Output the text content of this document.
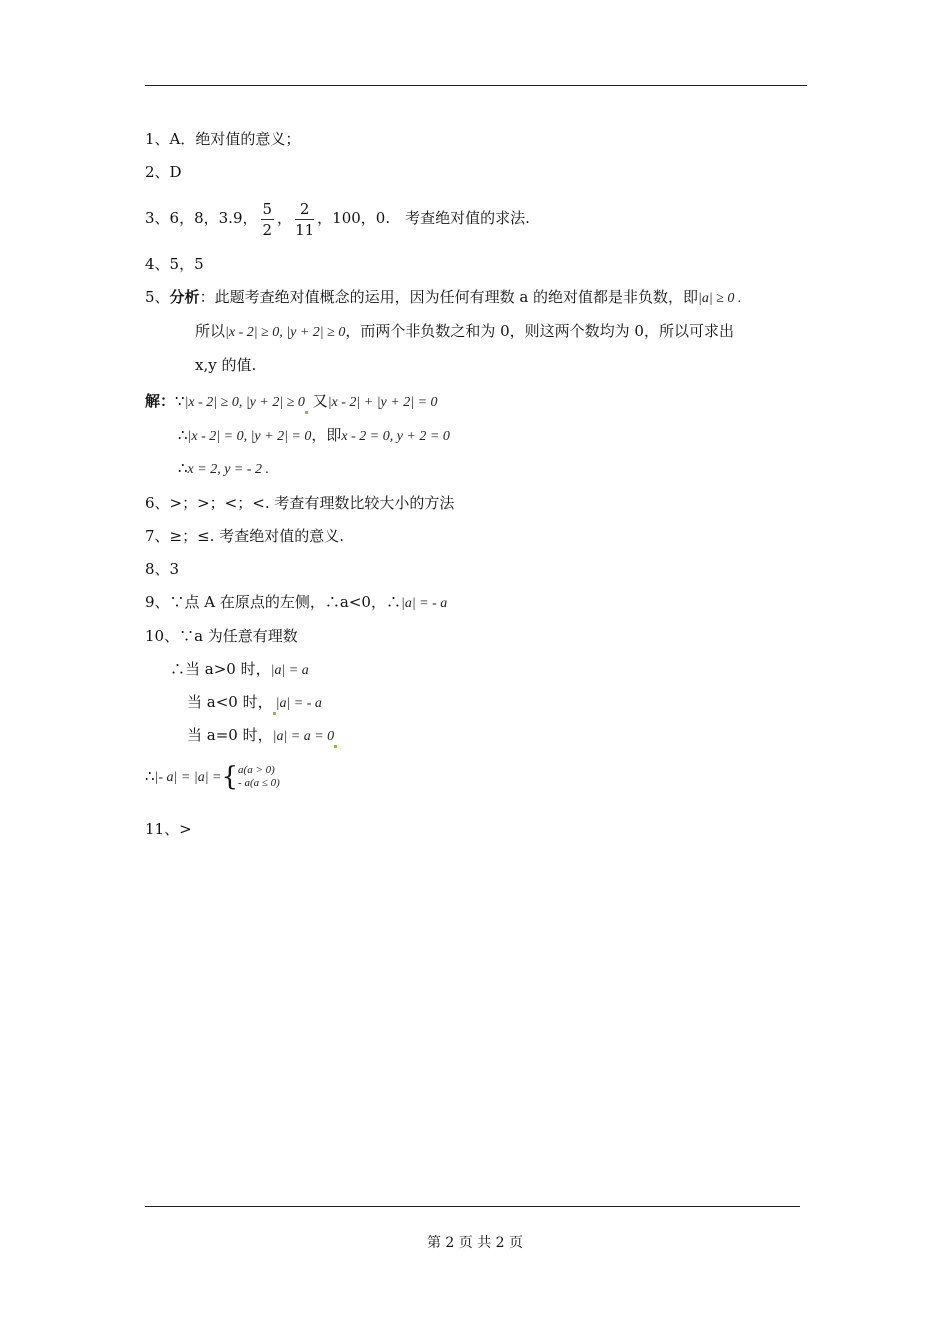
1、A．绝对值的意义；
2、D
3、6，8，3.9， $\frac{5}{2}$ ， $\frac{2}{11}$ ，100，0.　考查绝对值的求法.
4、5，5
5、分析：此题考查绝对值概念的运用，因为任何有理数 a 的绝对值都是非负数，即|a| ≥ 0 .
所以|x - 2| ≥ 0, |y + 2| ≥ 0，而两个非负数之和为 0，则这两个数均为 0，所以可求出
x,y 的值.
解：∵|x - 2| ≥ 0, |y + 2| ≥ 0 又|x - 2| + |y + 2| = 0
∴|x - 2| = 0, |y + 2| = 0，即x - 2 = 0, y + 2 = 0
∴x = 2, y = - 2 .
6、>；>；<；<. 考查有理数比较大小的方法
7、≥；≤. 考查绝对值的意义.
8、3
9、∵点 A 在原点的左侧，∴a<0，∴|a| = - a
10、∵a 为任意有理数
∴当 a>0 时，|a| = a
当 a<0 时， |a| = - a
当 a=0 时，|a| = a = 0
∴|- a| = |a| ={ a(a > 0)
- a(a ≤ 0)
11、>
第 2 页 共 2 页
